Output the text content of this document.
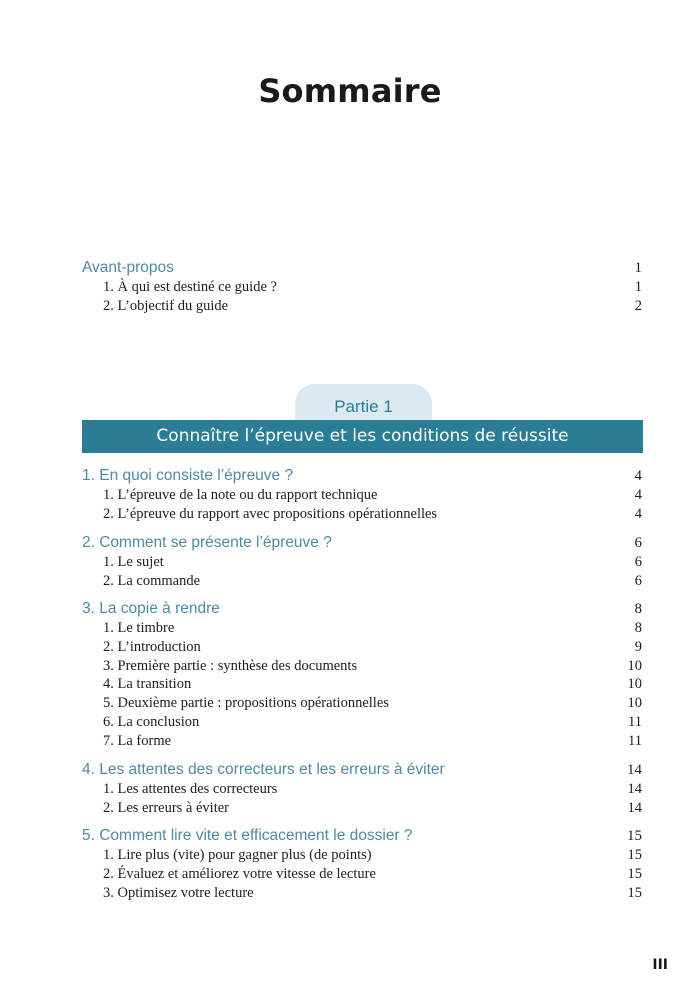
Sommaire
Avant-propos	1
1. À qui est destiné ce guide ?	1
2. L’objectif du guide	2
Partie 1
Connaître l’épreuve et les conditions de réussite
1. En quoi consiste l’épreuve ?	4
1. L’épreuve de la note ou du rapport technique	4
2. L’épreuve du rapport avec propositions opérationnelles	4
2. Comment se présente l’épreuve ?	6
1. Le sujet	6
2. La commande	6
3. La copie à rendre	8
1. Le timbre	8
2. L’introduction	9
3. Première partie : synthèse des documents	10
4. La transition	10
5. Deuxième partie : propositions opérationnelles	10
6. La conclusion	11
7. La forme	11
4. Les attentes des correcteurs et les erreurs à éviter	14
1. Les attentes des correcteurs	14
2. Les erreurs à éviter	14
5. Comment lire vite et efficacement le dossier ?	15
1. Lire plus (vite) pour gagner plus (de points)	15
2. Évaluez et améliorez votre vitesse de lecture	15
3. Optimisez votre lecture	15
III
